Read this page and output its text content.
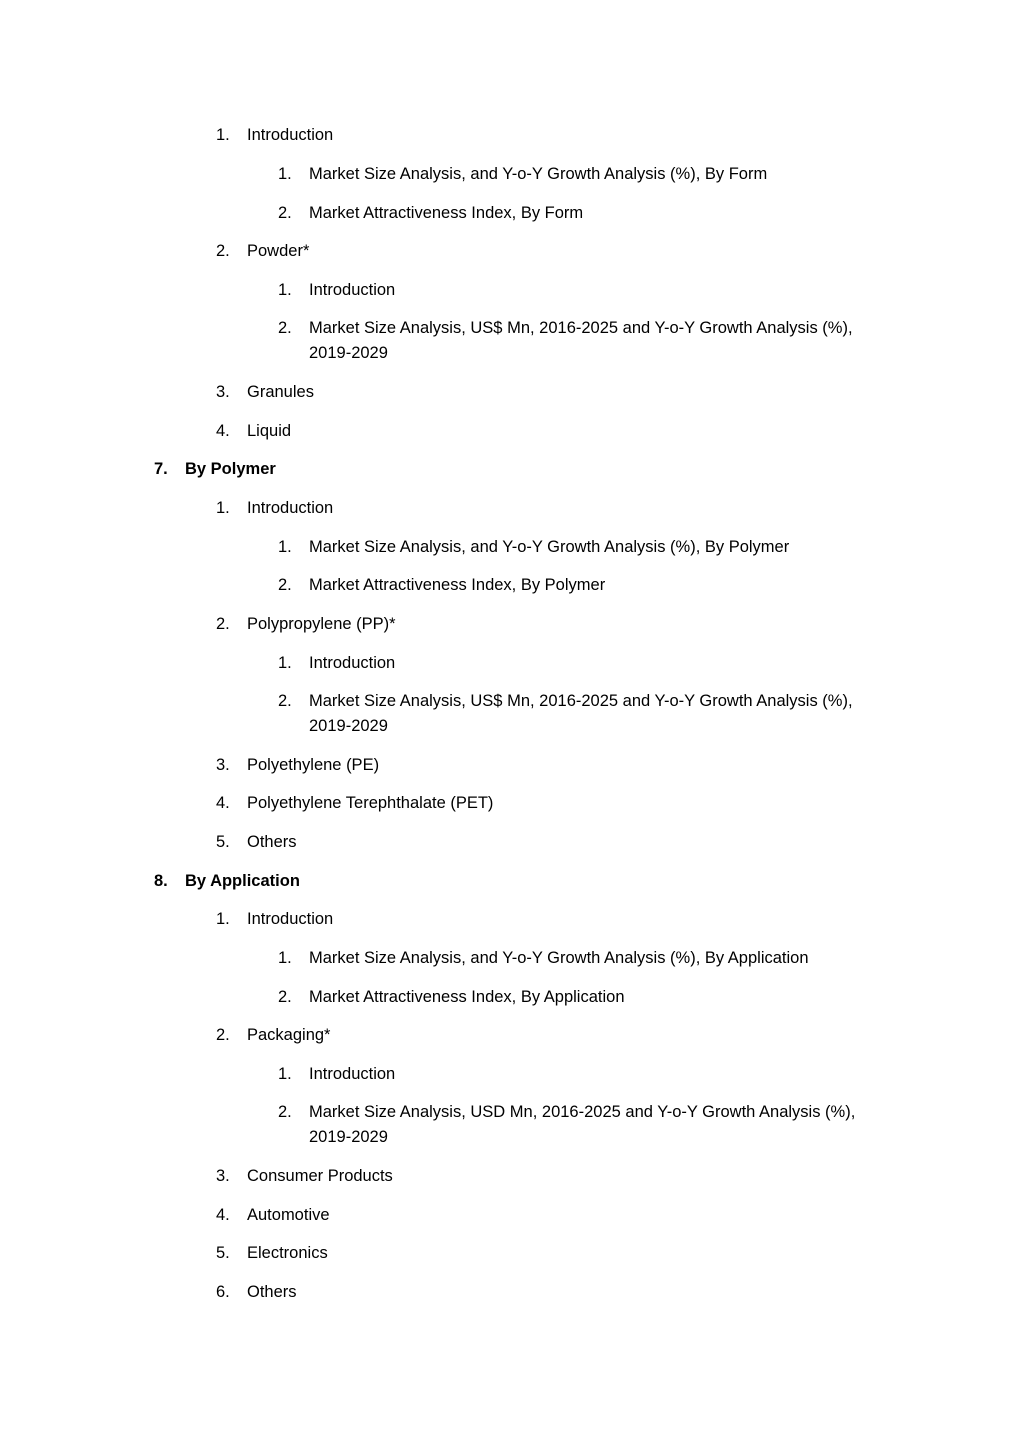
1. Introduction
1. Market Size Analysis, and Y-o-Y Growth Analysis (%), By Form
2. Market Attractiveness Index, By Form
2. Powder*
1. Introduction
2. Market Size Analysis, US$ Mn, 2016-2025 and Y-o-Y Growth Analysis (%),
2019-2029
3. Granules
4. Liquid
7. By Polymer
1. Introduction
1. Market Size Analysis, and Y-o-Y Growth Analysis (%), By Polymer
2. Market Attractiveness Index, By Polymer
2. Polypropylene (PP)*
1. Introduction
2. Market Size Analysis, US$ Mn, 2016-2025 and Y-o-Y Growth Analysis (%),
2019-2029
3. Polyethylene (PE)
4. Polyethylene Terephthalate (PET)
5. Others
8. By Application
1. Introduction
1. Market Size Analysis, and Y-o-Y Growth Analysis (%), By Application
2. Market Attractiveness Index, By Application
2. Packaging*
1. Introduction
2. Market Size Analysis, USD Mn, 2016-2025 and Y-o-Y Growth Analysis (%),
2019-2029
3. Consumer Products
4. Automotive
5. Electronics
6. Others
